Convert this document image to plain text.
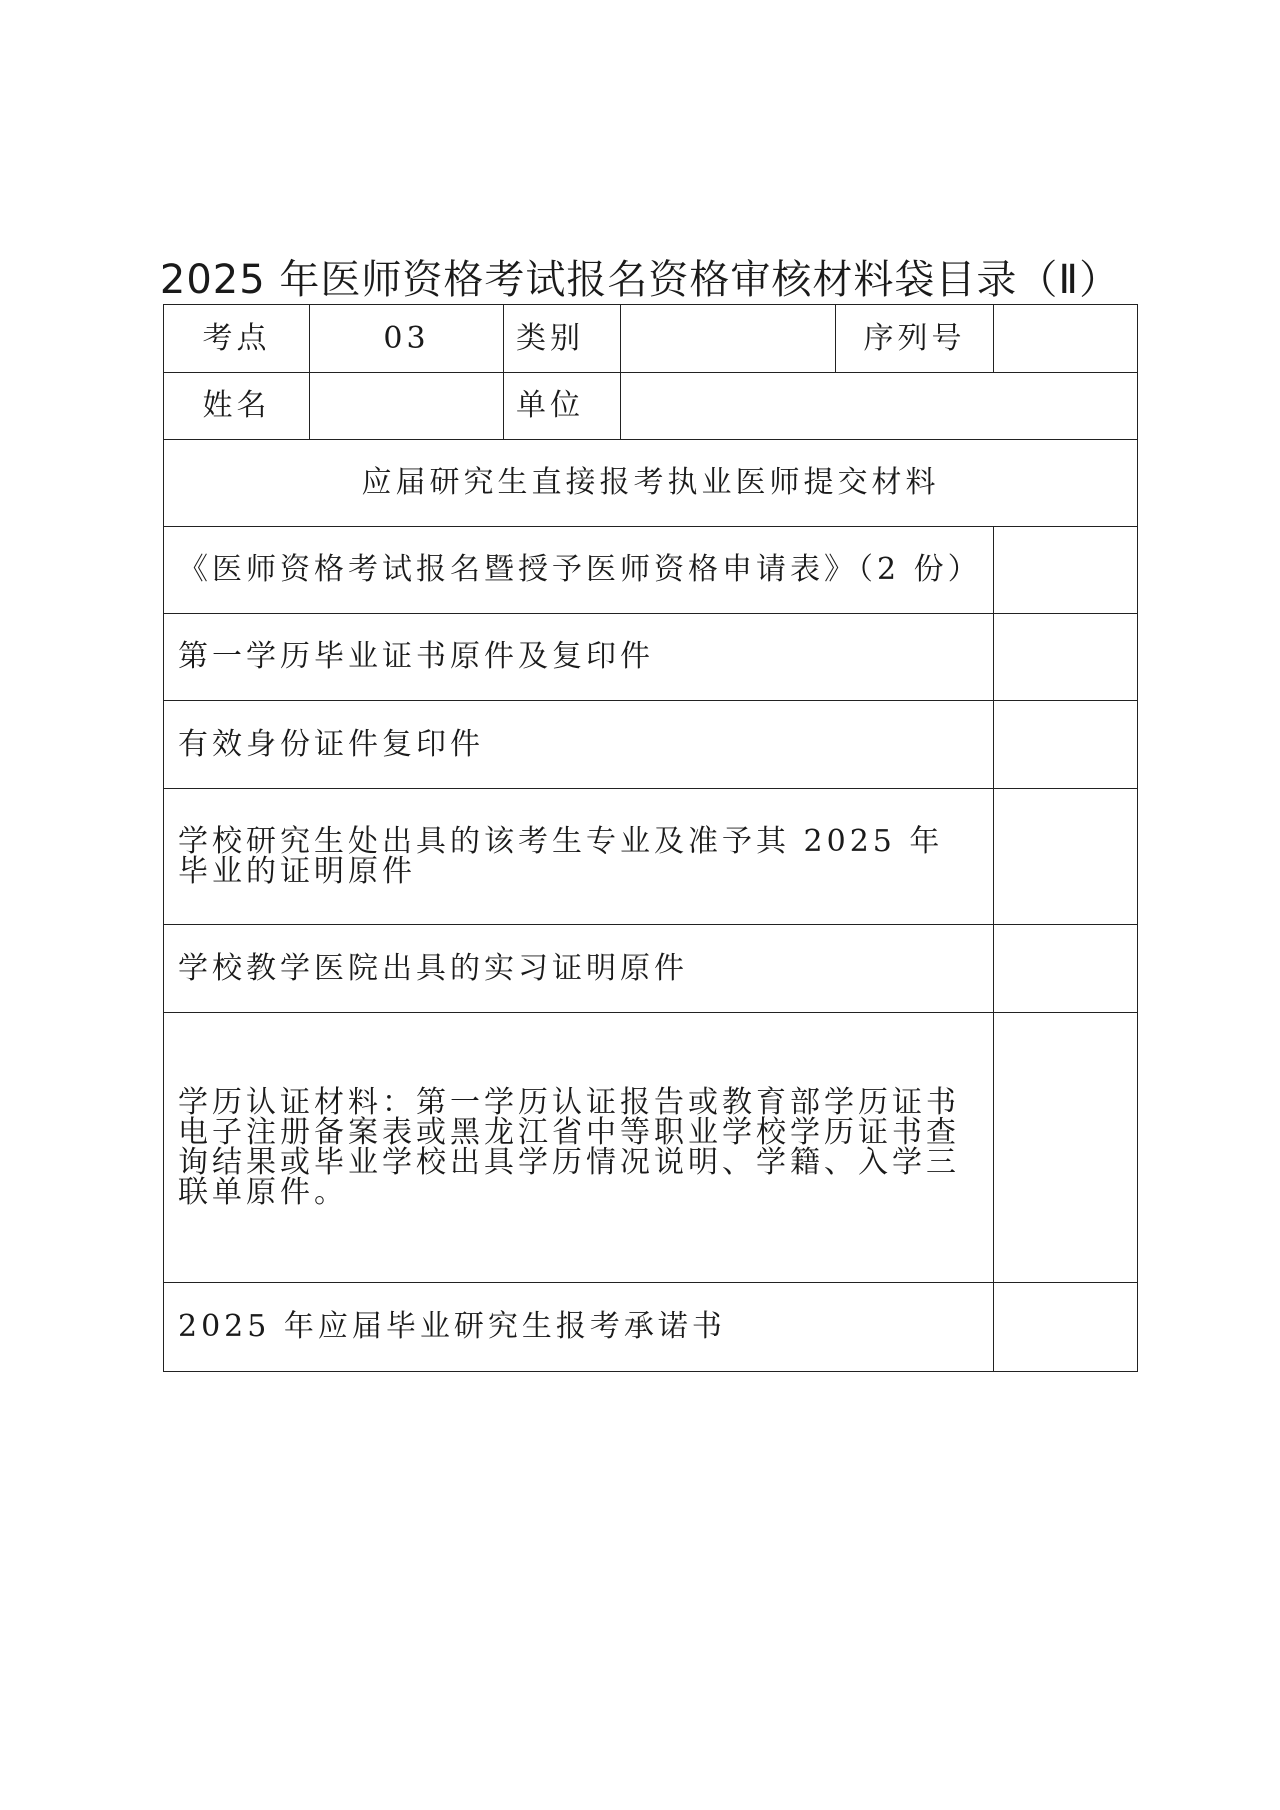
2025 年医师资格考试报名资格审核材料袋目录（Ⅱ）
考点	03	类别		序列号	
姓名		单位			
应届研究生直接报考执业医师提交材料					
《医师资格考试报名暨授予医师资格申请表》（2 份）					
第一学历毕业证书原件及复印件					
有效身份证件复印件					
学校研究生处出具的该考生专业及准予其 2025 年毕业的证明原件					
学校教学医院出具的实习证明原件					
学历认证材料：第一学历认证报告或教育部学历证书电子注册备案表或黑龙江省中等职业学校学历证书查询结果或毕业学校出具学历情况说明、学籍、入学三联单原件。					
2025 年应届毕业研究生报考承诺书					
